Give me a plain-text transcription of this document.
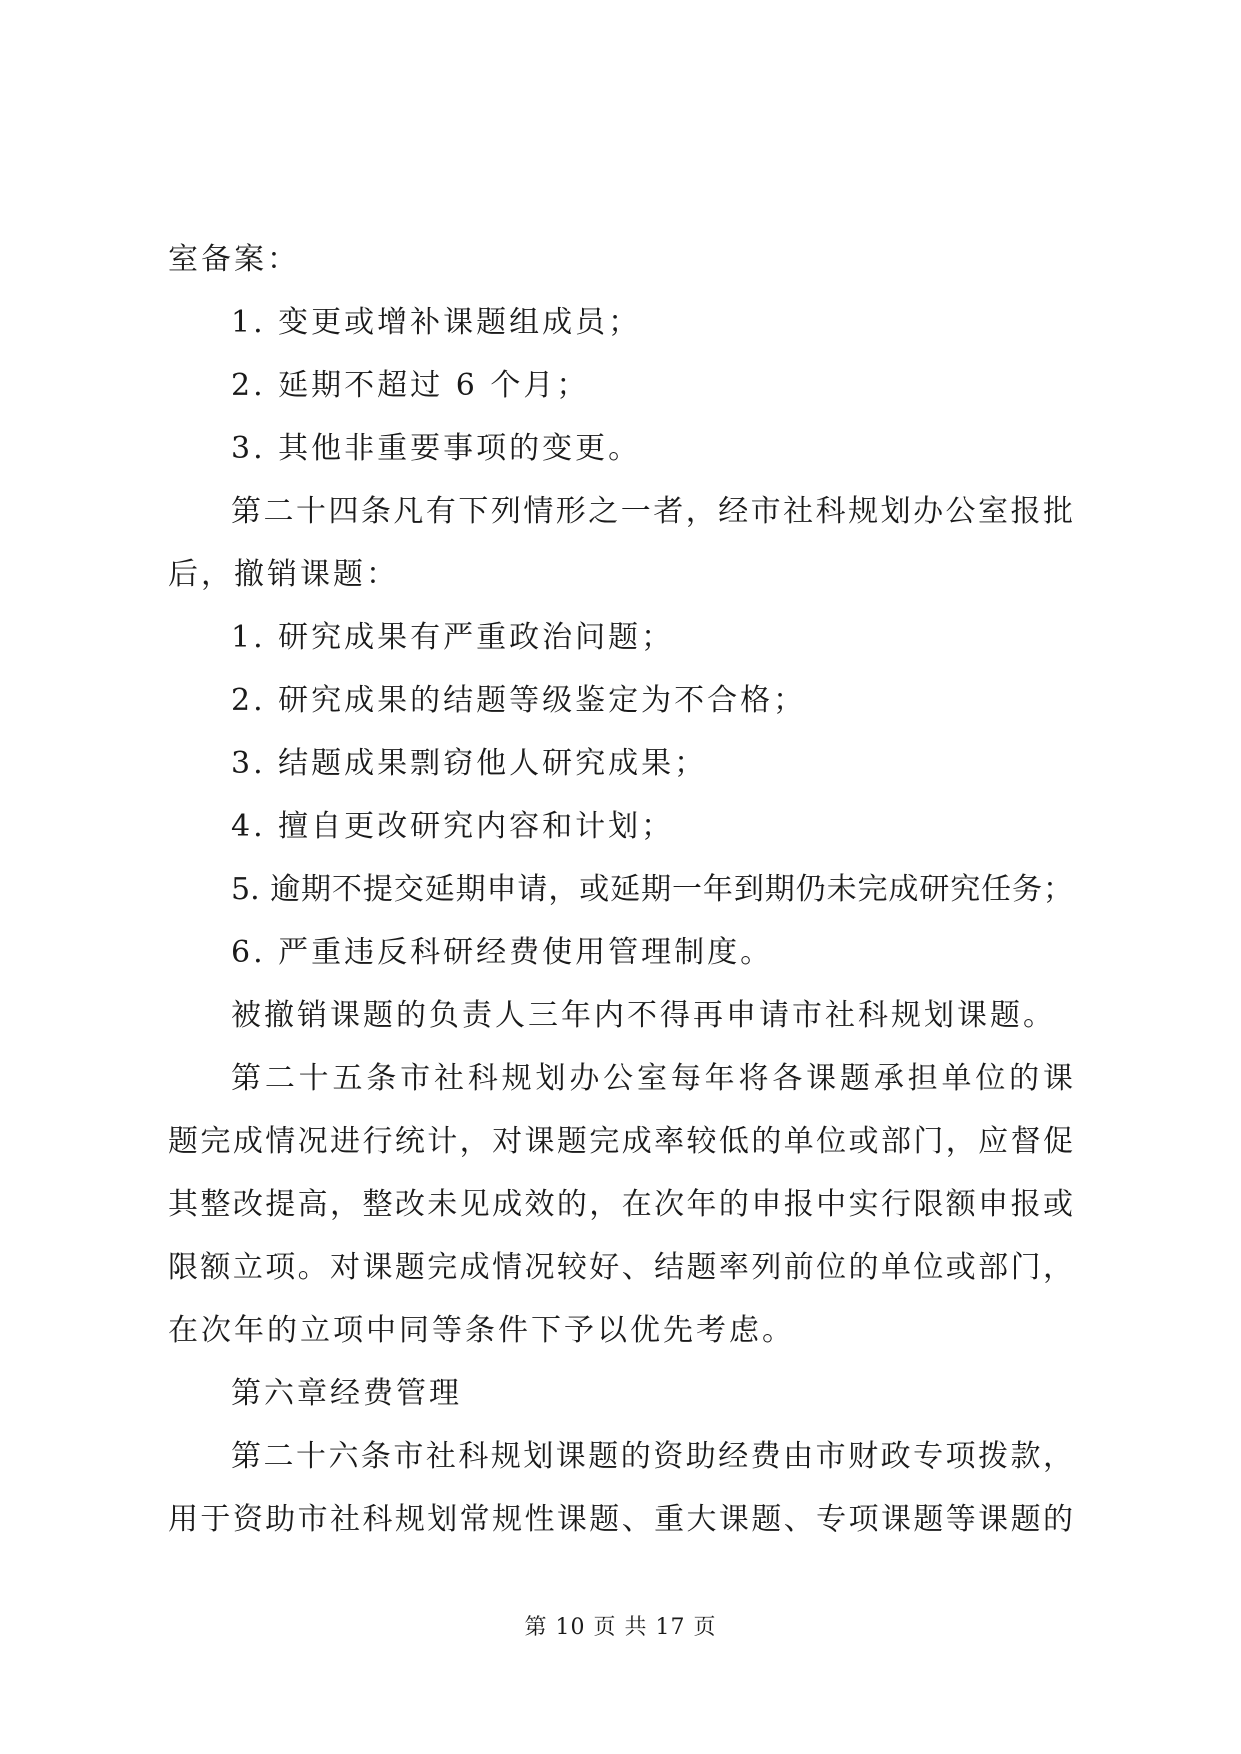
室备案：
1. 变更或增补课题组成员；
2. 延期不超过 6 个月；
3. 其他非重要事项的变更。
第二十四条凡有下列情形之一者，经市社科规划办公室报批
后，撤销课题：
1. 研究成果有严重政治问题；
2. 研究成果的结题等级鉴定为不合格；
3. 结题成果剽窃他人研究成果；
4. 擅自更改研究内容和计划；
5. 逾期不提交延期申请，或延期一年到期仍未完成研究任务；
6. 严重违反科研经费使用管理制度。
被撤销课题的负责人三年内不得再申请市社科规划课题。
第二十五条市社科规划办公室每年将各课题承担单位的课
题完成情况进行统计，对课题完成率较低的单位或部门，应督促
其整改提高，整改未见成效的，在次年的申报中实行限额申报或
限额立项。对课题完成情况较好、结题率列前位的单位或部门，
在次年的立项中同等条件下予以优先考虑。
第六章经费管理
第二十六条市社科规划课题的资助经费由市财政专项拨款，
用于资助市社科规划常规性课题、重大课题、专项课题等课题的
第 10 页 共 17 页
